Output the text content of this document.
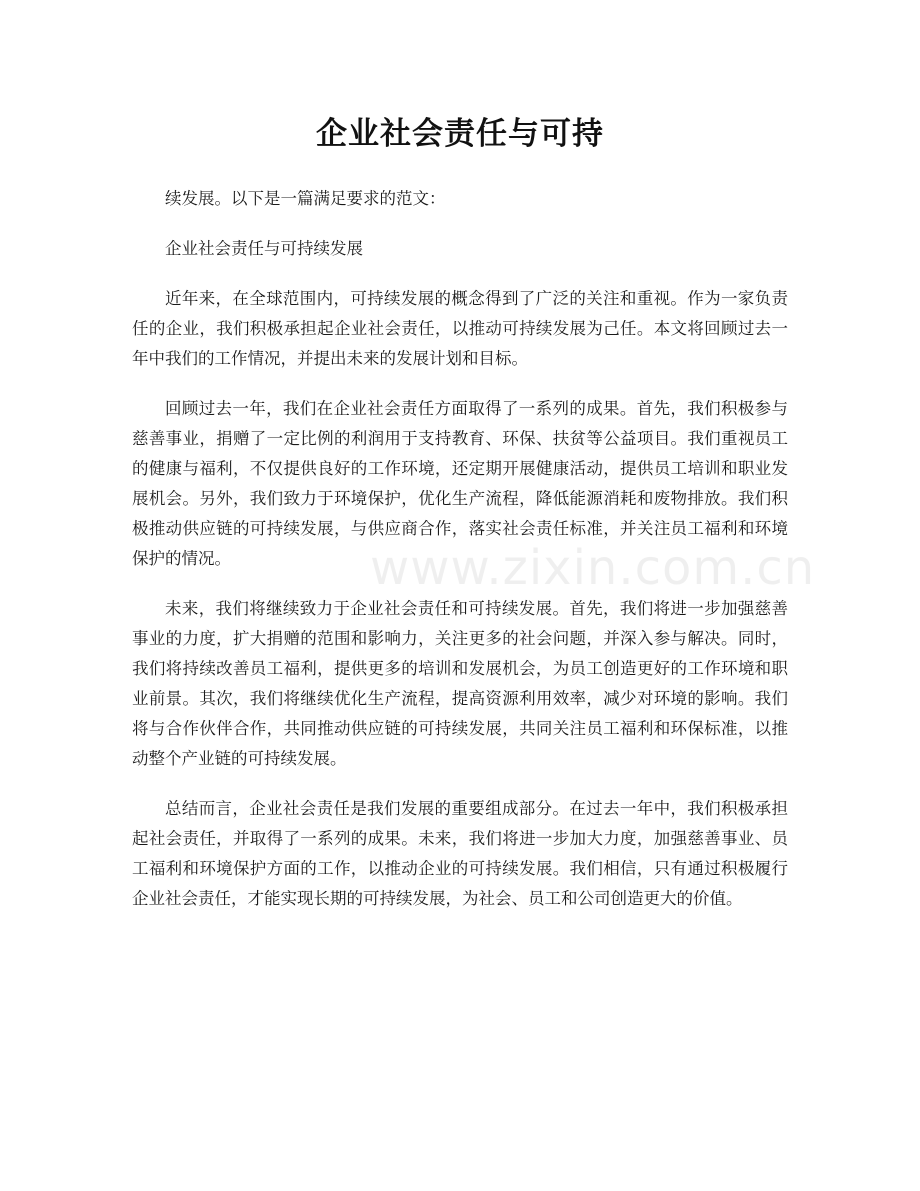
企业社会责任与可持

续发展。以下是一篇满足要求的范文：

企业社会责任与可持续发展

近年来，在全球范围内，可持续发展的概念得到了广泛的关注和重视。作为一家负责任的企业，我们积极承担起企业社会责任，以推动可持续发展为己任。本文将回顾过去一年中我们的工作情况，并提出未来的发展计划和目标。

回顾过去一年，我们在企业社会责任方面取得了一系列的成果。首先，我们积极参与慈善事业，捐赠了一定比例的利润用于支持教育、环保、扶贫等公益项目。我们重视员工的健康与福利，不仅提供良好的工作环境，还定期开展健康活动，提供员工培训和职业发展机会。另外，我们致力于环境保护，优化生产流程，降低能源消耗和废物排放。我们积极推动供应链的可持续发展，与供应商合作，落实社会责任标准，并关注员工福利和环境保护的情况。

未来，我们将继续致力于企业社会责任和可持续发展。首先，我们将进一步加强慈善事业的力度，扩大捐赠的范围和影响力，关注更多的社会问题，并深入参与解决。同时，我们将持续改善员工福利，提供更多的培训和发展机会，为员工创造更好的工作环境和职业前景。其次，我们将继续优化生产流程，提高资源利用效率，减少对环境的影响。我们将与合作伙伴合作，共同推动供应链的可持续发展，共同关注员工福利和环保标准，以推动整个产业链的可持续发展。

总结而言，企业社会责任是我们发展的重要组成部分。在过去一年中，我们积极承担起社会责任，并取得了一系列的成果。未来，我们将进一步加大力度，加强慈善事业、员工福利和环境保护方面的工作，以推动企业的可持续发展。我们相信，只有通过积极履行企业社会责任，才能实现长期的可持续发展，为社会、员工和公司创造更大的价值。

www.zixin.com.cn
